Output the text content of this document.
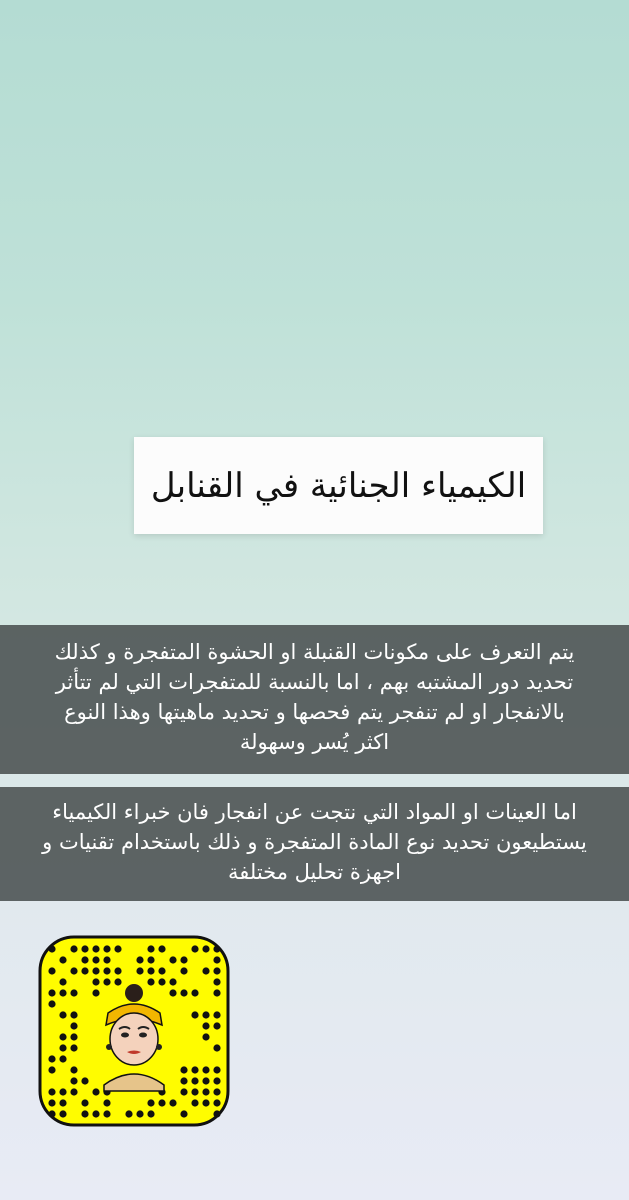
الكيمياء الجنائية في القنابل
يتم التعرف على مكونات القنبلة او الحشوة المتفجرة و كذلك
تحديد دور المشتبه بهم ، اما بالنسبة للمتفجرات التي لم تتأثر
بالانفجار او لم تنفجر يتم فحصها و تحديد ماهيتها وهذا النوع
اكثر يُسر وسهولة
اما العينات او المواد التي نتجت عن انفجار فان خبراء الكيمياء
يستطيعون تحديد نوع المادة المتفجرة و ذلك باستخدام تقنيات و
اجهزة تحليل مختلفة
